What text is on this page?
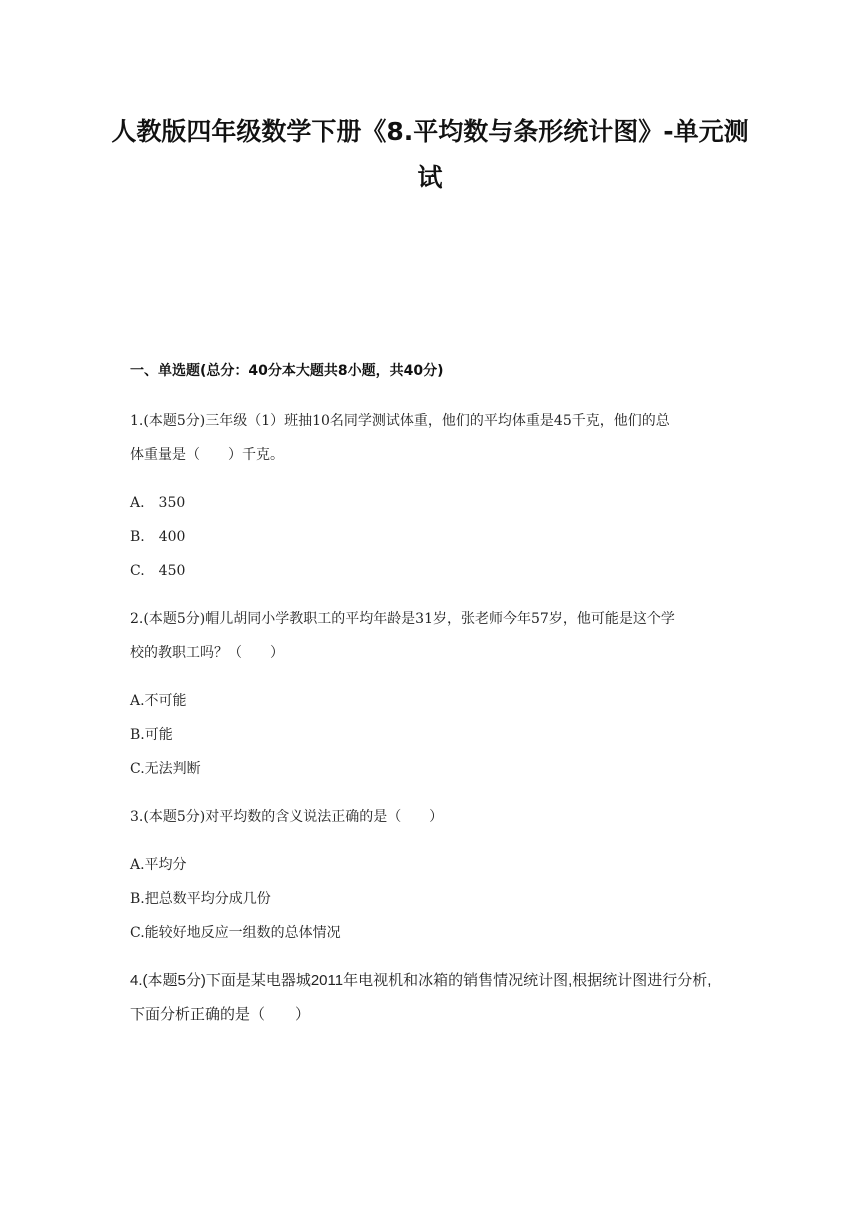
人教版四年级数学下册《8.平均数与条形统计图》-单元测
试
一、单选题(总分：40分本大题共8小题，共40分)
1.(本题5分)三年级（1）班抽10名同学测试体重，他们的平均体重是45千克，他们的总
体重量是（　　）千克。
A.　350
B.　400
C.　450
2.(本题5分)帽儿胡同小学教职工的平均年龄是31岁，张老师今年57岁，他可能是这个学
校的教职工吗？（　　）
A.不可能
B.可能
C.无法判断
3.(本题5分)对平均数的含义说法正确的是（　　）
A.平均分
B.把总数平均分成几份
C.能较好地反应一组数的总体情况
4.(本题5分)下面是某电器城2011年电视机和冰箱的销售情况统计图,根据统计图进行分析,
下面分析正确的是（　　）
